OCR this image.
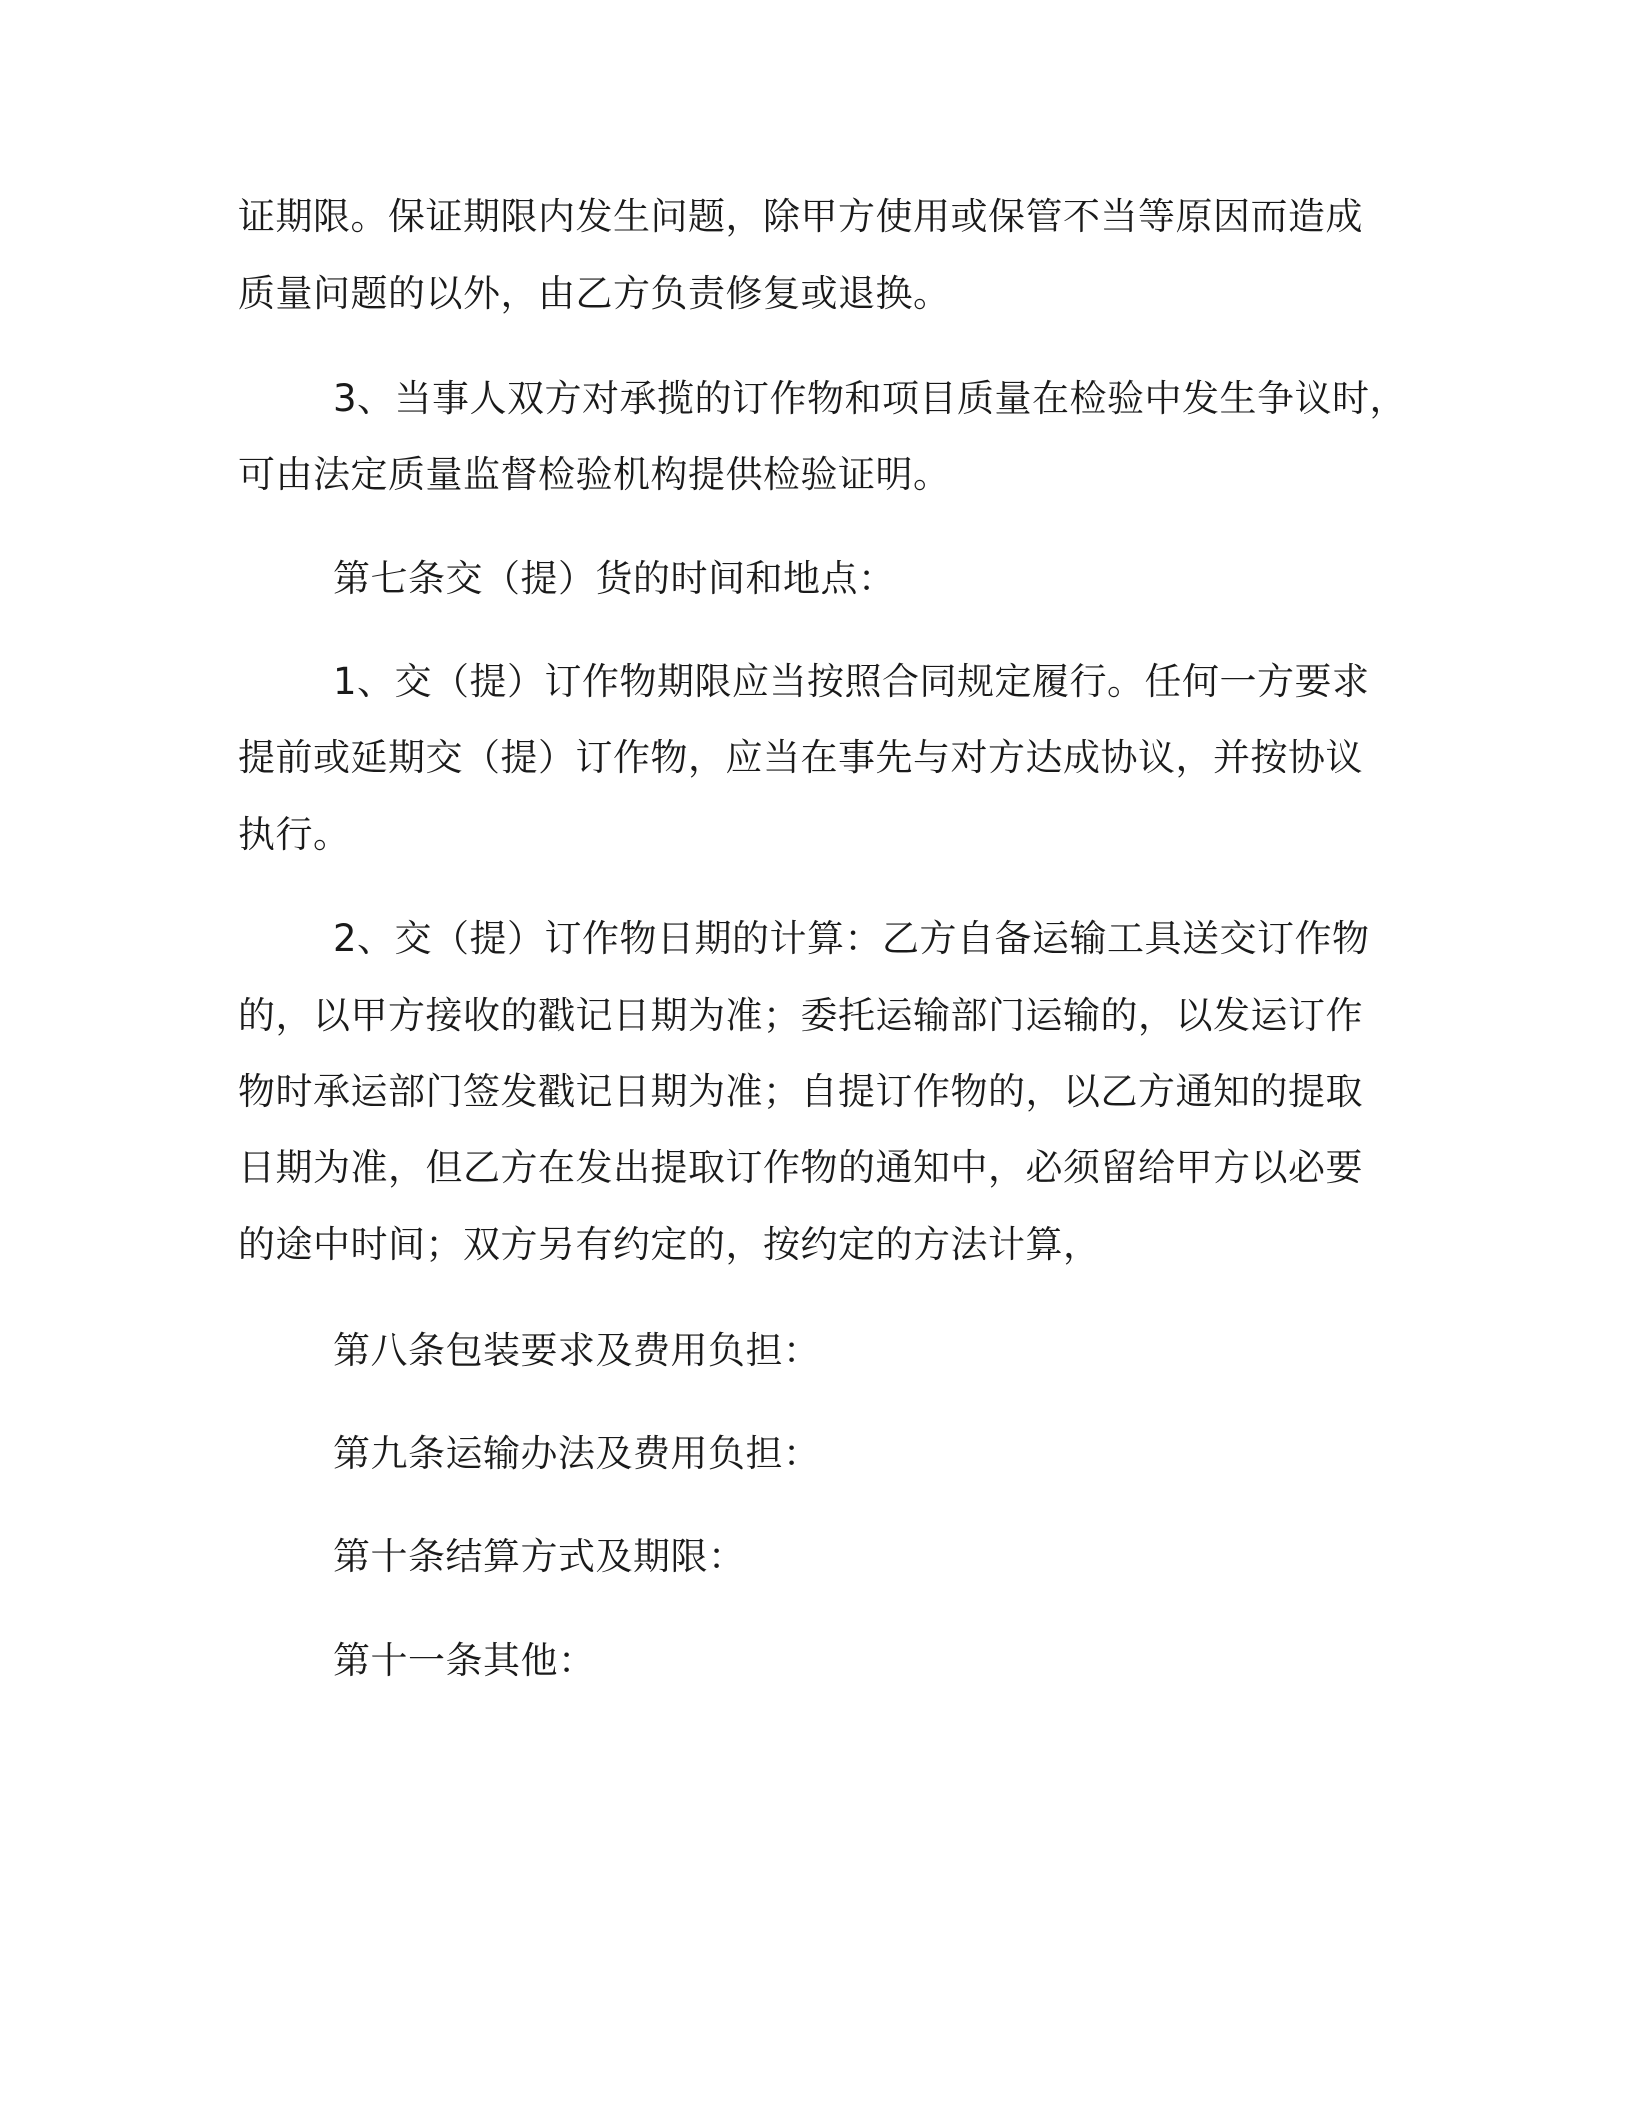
证期限。保证期限内发生问题，除甲方使用或保管不当等原因而造成

质量问题的以外，由乙方负责修复或退换。

3、当事人双方对承揽的订作物和项目质量在检验中发生争议时，

可由法定质量监督检验机构提供检验证明。

第七条交（提）货的时间和地点：

1、交（提）订作物期限应当按照合同规定履行。任何一方要求

提前或延期交（提）订作物，应当在事先与对方达成协议，并按协议

执行。

2、交（提）订作物日期的计算：乙方自备运输工具送交订作物

的，以甲方接收的戳记日期为准；委托运输部门运输的，以发运订作

物时承运部门签发戳记日期为准；自提订作物的，以乙方通知的提取

日期为准，但乙方在发出提取订作物的通知中，必须留给甲方以必要

的途中时间；双方另有约定的，按约定的方法计算，

第八条包装要求及费用负担：

第九条运输办法及费用负担：

第十条结算方式及期限：

第十一条其他：
